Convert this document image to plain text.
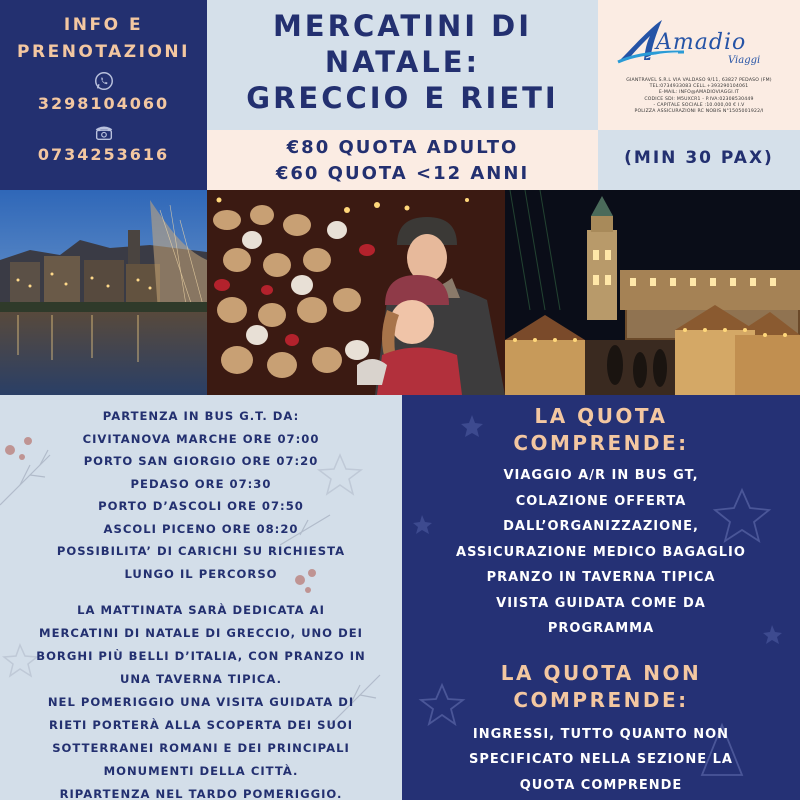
INFO E
PRENOTAZIONI
3298104060
0734253616
MERCATINI DI
NATALE:
GRECCIO E RIETI
Amadio
Viaggi
GIANTRAVEL S.R.L VIA VALDASO 9/11, 63827 PEDASO (FM)
TEL:0734933083 CELL.+393290104061
E-MAIL: INFO@AMADIOVIAGGI.IT
CODICE SDI: M5UXCR1 - P.IVA:02308530449
- CAPITALE SOCIALE :10.000,00 € I.V
POLIZZA ASSICURAZIONI RC NOBIS N°1505001922/I
€80 QUOTA ADULTO
€60 QUOTA <12 ANNI
(MIN 30 PAX)
PARTENZA IN BUS G.T. DA:
CIVITANOVA MARCHE ORE 07:00
PORTO SAN GIORGIO ORE 07:20
PEDASO ORE 07:30
PORTO D’ASCOLI ORE 07:50
ASCOLI PICENO ORE 08:20
POSSIBILITA’ DI CARICHI SU RICHIESTA
LUNGO IL PERCORSO
LA MATTINATA SARÀ DEDICATA AI
MERCATINI DI NATALE DI GRECCIO, UNO DEI
BORGHI PIÙ BELLI D’ITALIA, CON PRANZO IN
UNA TAVERNA TIPICA.
NEL POMERIGGIO UNA VISITA GUIDATA DI
RIETI PORTERÀ ALLA SCOPERTA DEI SUOI
SOTTERRANEI ROMANI E DEI PRINCIPALI
MONUMENTI DELLA CITTÀ.
RIPARTENZA NEL TARDO POMERIGGIO.
LA QUOTA
COMPRENDE:
VIAGGIO A/R IN BUS GT,
COLAZIONE OFFERTA
DALL’ORGANIZZAZIONE,
ASSICURAZIONE MEDICO BAGAGLIO
PRANZO IN TAVERNA TIPICA
VIISTA GUIDATA COME DA
PROGRAMMA
LA QUOTA NON
COMPRENDE:
INGRESSI, TUTTO QUANTO NON
SPECIFICATO NELLA SEZIONE LA
QUOTA COMPRENDE
